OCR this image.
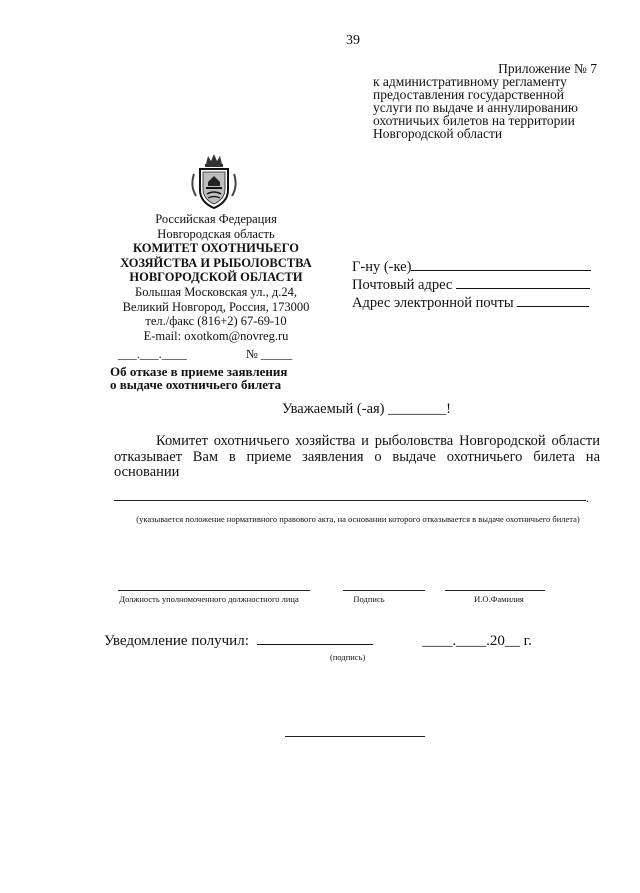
39
Приложение № 7
к административному регламенту
предоставления государственной
услуги по выдаче и аннулированию
охотничьих билетов на территории
Новгородской области
Российская Федерация
Новгородская область
КОМИТЕТ ОХОТНИЧЬЕГО
ХОЗЯЙСТВА И РЫБОЛОВСТВА
НОВГОРОДСКОЙ ОБЛАСТИ
Большая Московская ул., д.24,
Великий Новгород, Россия, 173000
тел./факс (816+2) 67-69-10
E-mail: oxotkom@novreg.ru
___.___.____	№ _____
Об отказе в приеме заявления
о выдаче охотничьего билета
Г-ну (-ке)
Почтовый адрес
Адрес электронной почты
Уважаемый (-ая) ________!

Комитет охотничьего хозяйства и рыболовства Новгородской области отказывает Вам в приеме заявления о выдаче охотничьего билета на основании

.
(указывается положение нормативного правового акта, на основании которого отказывается в выдаче охотничьего билета)
Должность уполномоченного должностного лица	Подпись	И.О.Фамилия
Уведомление получил:	____.____.20__ г.
(подпись)
